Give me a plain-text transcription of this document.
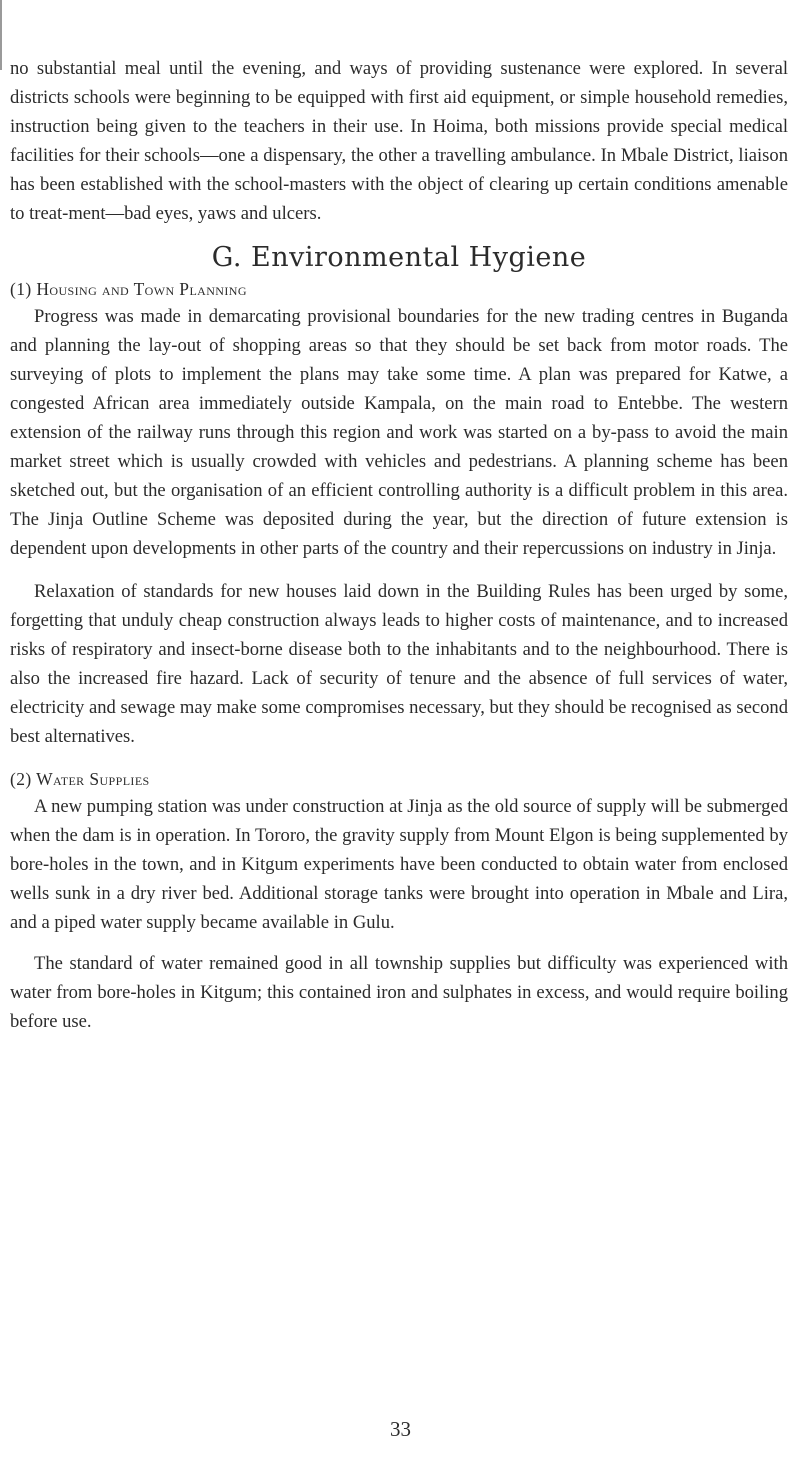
no substantial meal until the evening, and ways of providing sustenance were explored. In several districts schools were beginning to be equipped with first aid equipment, or simple household remedies, instruction being given to the teachers in their use. In Hoima, both missions provide special medical facilities for their schools—one a dispensary, the other a travelling ambulance. In Mbale District, liaison has been established with the school-masters with the object of clearing up certain conditions amenable to treat-ment—bad eyes, yaws and ulcers.

G. Environmental Hygiene
(1) Housing and Town Planning

Progress was made in demarcating provisional boundaries for the new trading centres in Buganda and planning the lay-out of shopping areas so that they should be set back from motor roads. The surveying of plots to implement the plans may take some time. A plan was prepared for Katwe, a congested African area immediately outside Kampala, on the main road to Entebbe. The western extension of the railway runs through this region and work was started on a by-pass to avoid the main market street which is usually crowded with vehicles and pedestrians. A planning scheme has been sketched out, but the organisation of an efficient controlling authority is a difficult problem in this area. The Jinja Outline Scheme was deposited during the year, but the direction of future extension is dependent upon developments in other parts of the country and their repercussions on industry in Jinja.

Relaxation of standards for new houses laid down in the Building Rules has been urged by some, forgetting that unduly cheap construction always leads to higher costs of maintenance, and to increased risks of respiratory and insect-borne disease both to the inhabitants and to the neighbourhood. There is also the increased fire hazard. Lack of security of tenure and the absence of full services of water, electricity and sewage may make some compromises necessary, but they should be recognised as second best alternatives.

(2) Water Supplies

A new pumping station was under construction at Jinja as the old source of supply will be submerged when the dam is in operation. In Tororo, the gravity supply from Mount Elgon is being supplemented by bore-holes in the town, and in Kitgum experiments have been conducted to obtain water from enclosed wells sunk in a dry river bed. Additional storage tanks were brought into operation in Mbale and Lira, and a piped water supply became available in Gulu.

The standard of water remained good in all township supplies but difficulty was experienced with water from bore-holes in Kitgum; this contained iron and sulphates in excess, and would require boiling before use.

33
